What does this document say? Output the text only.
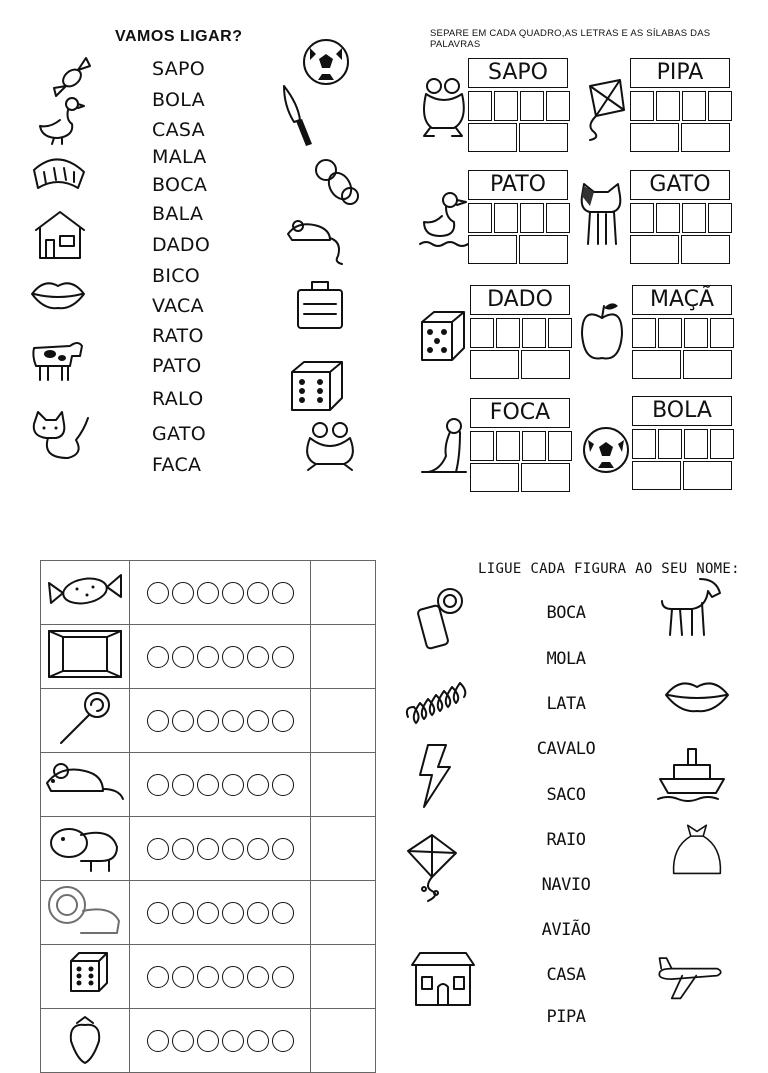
VAMOS LIGAR?
SAPO
BOLA
CASA
MALA
BOCA
BALA
DADO
BICO
VACA
RATO
PATO
RALO
GATO
FACA
SEPARE EM CADA QUADRO,AS LETRAS E AS SÍLABAS DAS PALAVRAS
SAPO	PIPA
PATO	GATO
DADO	MAÇÃ
FOCA	BOLA

LIGUE CADA FIGURA AO SEU NOME:
BOCA
MOLA
LATA
CAVALO
SACO
RAIO
NAVIO
AVIÃO
CASA
PIPA
